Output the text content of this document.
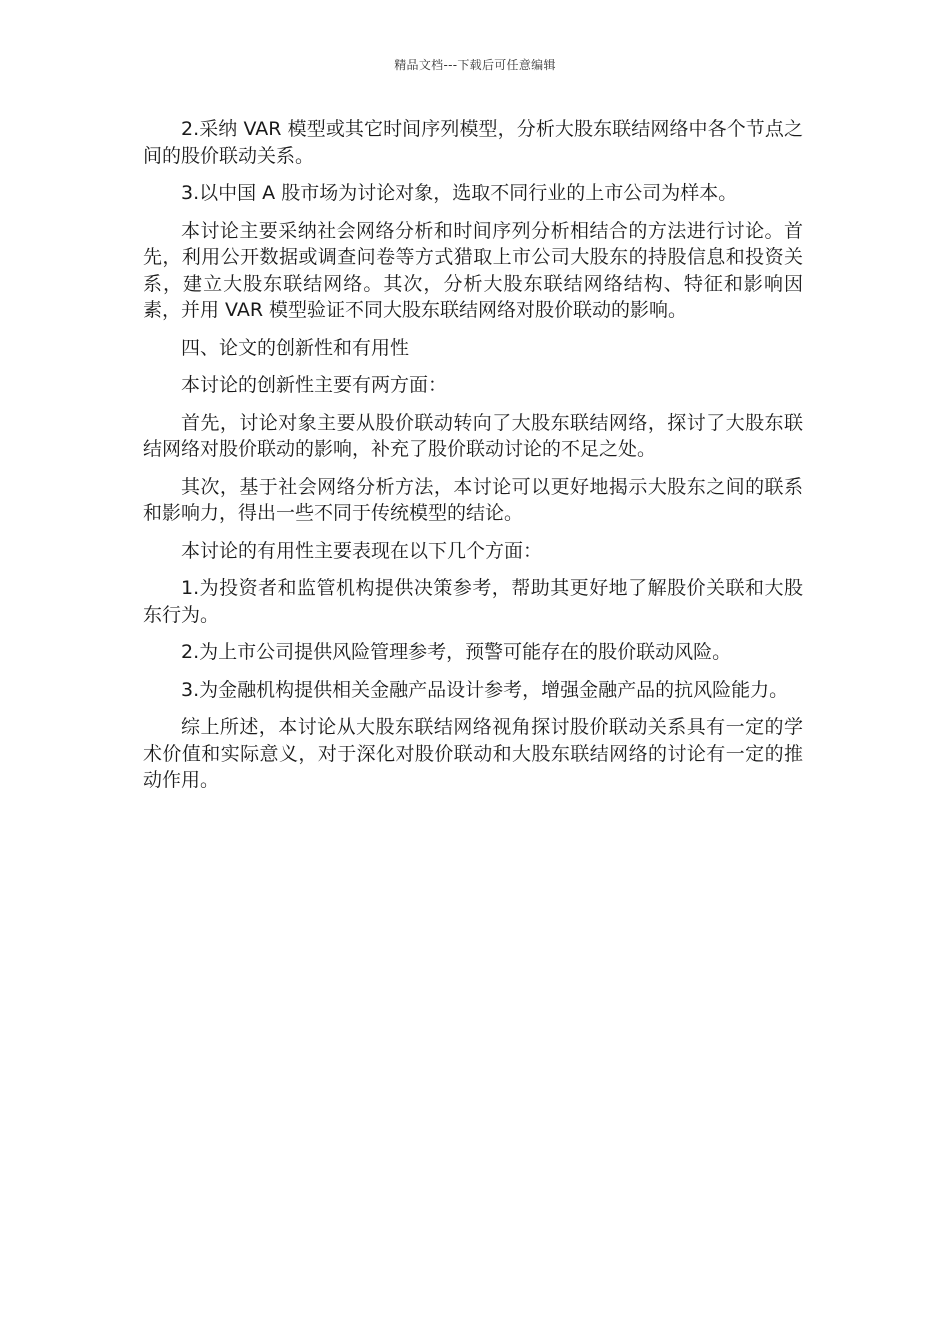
精品文档---下载后可任意编辑

2.采纳 VAR 模型或其它时间序列模型，分析大股东联结网络中各个节点之间的股价联动关系。

3.以中国 A 股市场为讨论对象，选取不同行业的上市公司为样本。

本讨论主要采纳社会网络分析和时间序列分析相结合的方法进行讨论。首先，利用公开数据或调查问卷等方式猎取上市公司大股东的持股信息和投资关系，建立大股东联结网络。其次，分析大股东联结网络结构、特征和影响因素，并用 VAR 模型验证不同大股东联结网络对股价联动的影响。

四、论文的创新性和有用性

本讨论的创新性主要有两方面：

首先，讨论对象主要从股价联动转向了大股东联结网络，探讨了大股东联结网络对股价联动的影响，补充了股价联动讨论的不足之处。

其次，基于社会网络分析方法，本讨论可以更好地揭示大股东之间的联系和影响力，得出一些不同于传统模型的结论。

本讨论的有用性主要表现在以下几个方面：

1.为投资者和监管机构提供决策参考，帮助其更好地了解股价关联和大股东行为。

2.为上市公司提供风险管理参考，预警可能存在的股价联动风险。

3.为金融机构提供相关金融产品设计参考，增强金融产品的抗风险能力。

综上所述，本讨论从大股东联结网络视角探讨股价联动关系具有一定的学术价值和实际意义，对于深化对股价联动和大股东联结网络的讨论有一定的推动作用。
